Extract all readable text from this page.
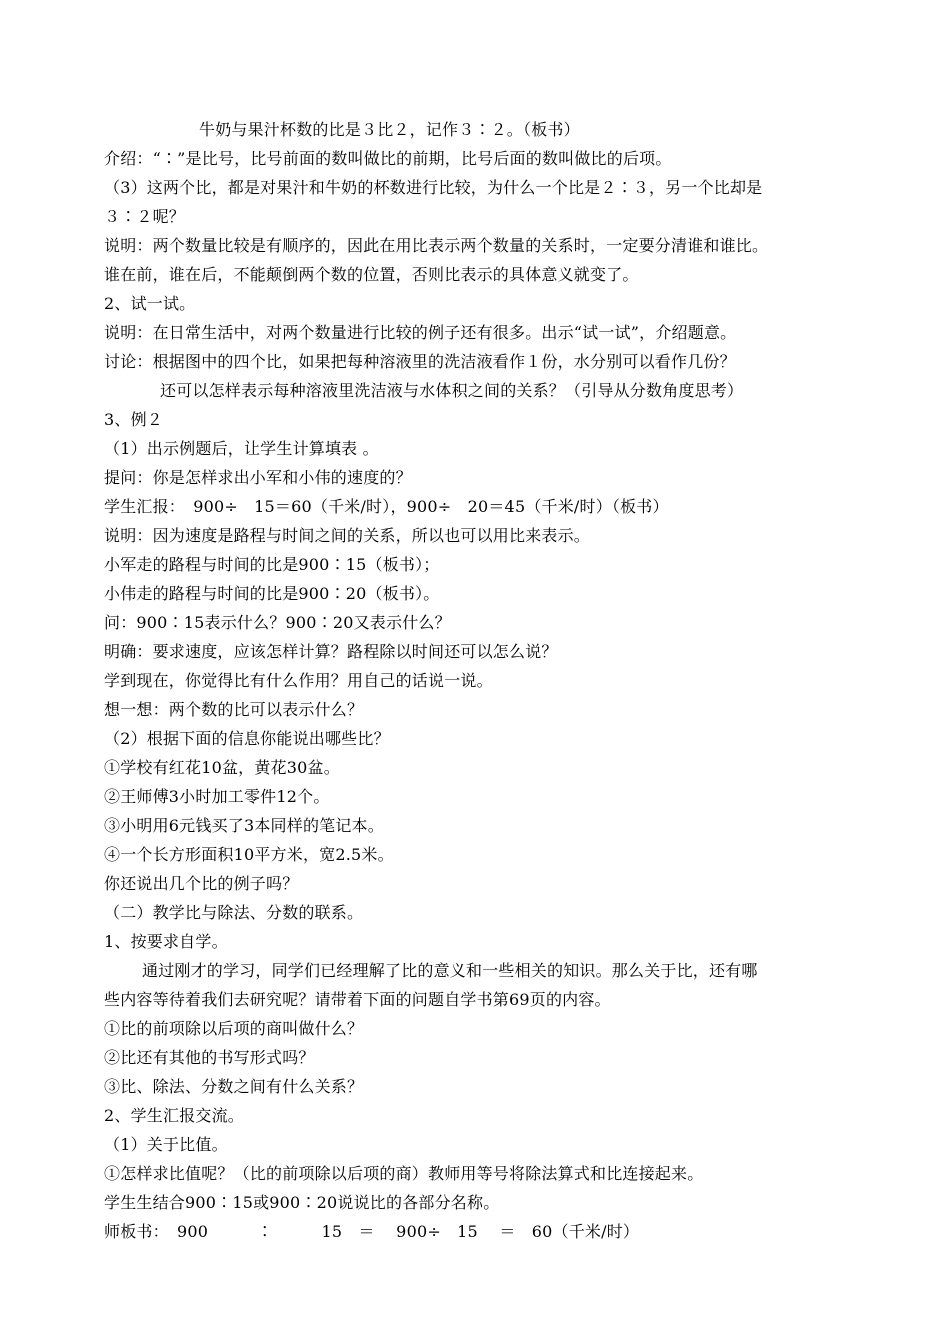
牛奶与果汁杯数的比是３比２，记作３∶２。（板书）
介绍：“∶”是比号，比号前面的数叫做比的前期，比号后面的数叫做比的后项。
（3）这两个比，都是对果汁和牛奶的杯数进行比较，为什么一个比是２∶３，另一个比却是
３∶２呢？
说明：两个数量比较是有顺序的，因此在用比表示两个数量的关系时，一定要分清谁和谁比。
谁在前，谁在后，不能颠倒两个数的位置，否则比表示的具体意义就变了。
2、试一试。
说明：在日常生活中，对两个数量进行比较的例子还有很多。出示“试一试”，介绍题意。
讨论：根据图中的四个比，如果把每种溶液里的洗洁液看作１份，水分别可以看作几份？
还可以怎样表示每种溶液里洗洁液与水体积之间的关系？（引导从分数角度思考）
3、例２
（1）出示例题后，让学生计算填表 。
提问：你是怎样求出小军和小伟的速度的？
学生汇报：　900÷　15＝60（千米/时），900÷　20＝45（千米/时）（板书）
说明：因为速度是路程与时间之间的关系，所以也可以用比来表示。
小军走的路程与时间的比是900∶15（板书）；
小伟走的路程与时间的比是900∶20（板书）。
问：900∶15表示什么？900∶20又表示什么？
明确：要求速度，应该怎样计算？路程除以时间还可以怎么说？
学到现在，你觉得比有什么作用？用自己的话说一说。
想一想：两个数的比可以表示什么？
（2）根据下面的信息你能说出哪些比？
①学校有红花10盆，黄花30盆。
②王师傅3小时加工零件12个。
③小明用6元钱买了3本同样的笔记本。
④一个长方形面积10平方米，宽2.5米。
你还说出几个比的例子吗？
（二）教学比与除法、分数的联系。
1、按要求自学。
通过刚才的学习，同学们已经理解了比的意义和一些相关的知识。那么关于比，还有哪
些内容等待着我们去研究呢？请带着下面的问题自学书第69页的内容。
①比的前项除以后项的商叫做什么？
②比还有其他的书写形式吗？
③比、除法、分数之间有什么关系？
2、学生汇报交流。
（1）关于比值。
①怎样求比值呢？（比的前项除以后项的商）教师用等号将除法算式和比连接起来。
学生生结合900∶15或900∶20说说比的各部分名称。
师板书：　900　　　∶　　　15　＝　 900÷　15　 ＝　60（千米/时）
